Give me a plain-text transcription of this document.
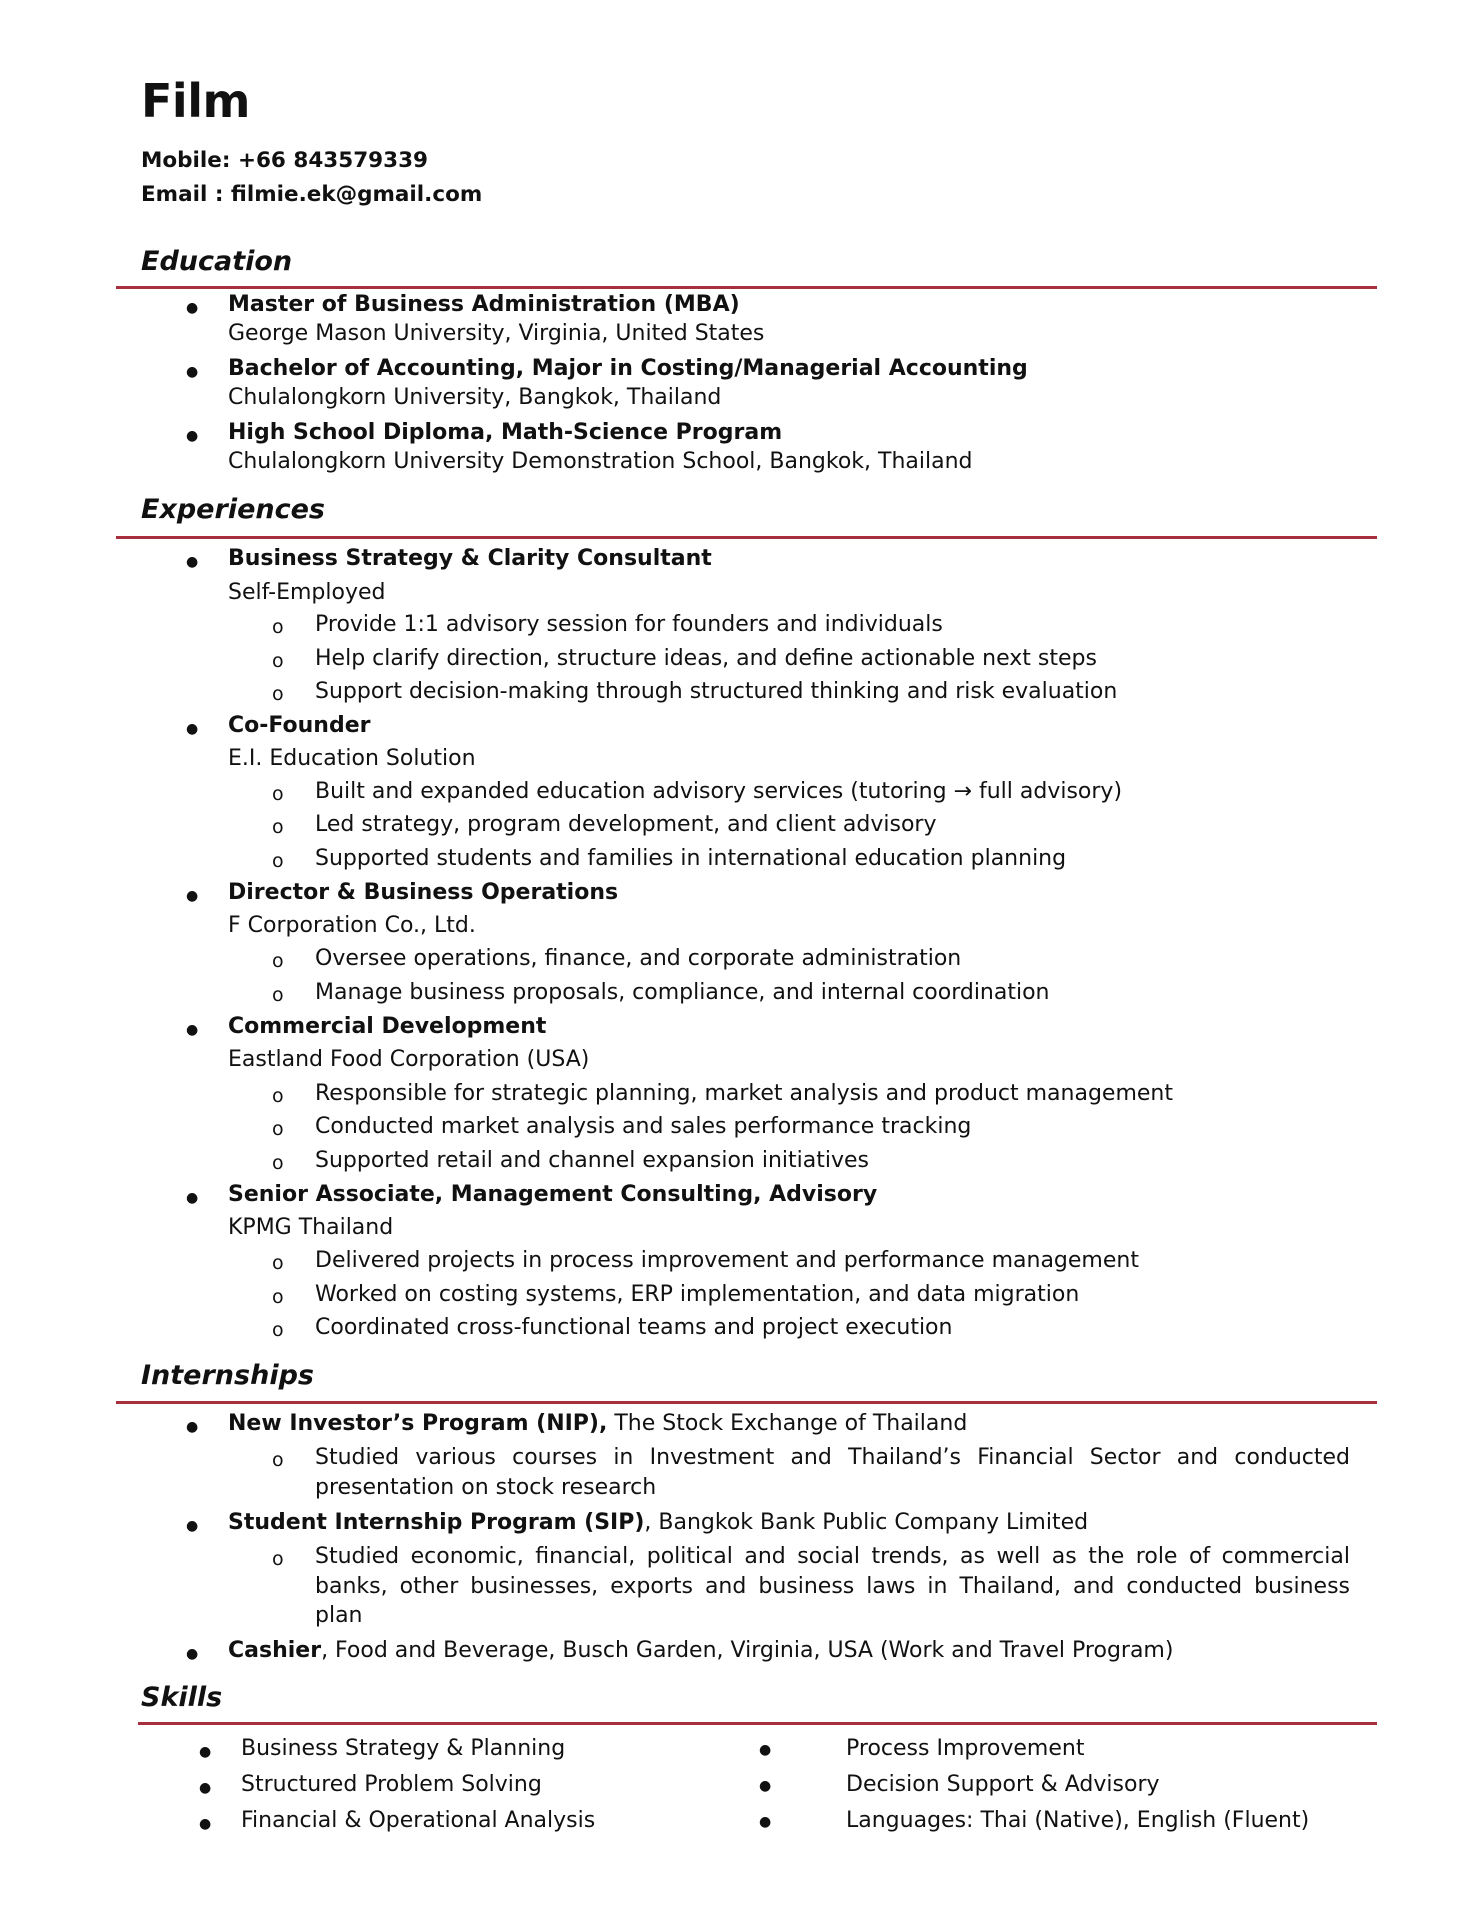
Film
Mobile: +66 843579339
Email : filmie.ek@gmail.com
Education
● Master of Business Administration (MBA)
George Mason University, Virginia, United States
● Bachelor of Accounting, Major in Costing/Managerial Accounting
Chulalongkorn University, Bangkok, Thailand
● High School Diploma, Math-Science Program
Chulalongkorn University Demonstration School, Bangkok, Thailand
Experiences
● Business Strategy & Clarity Consultant
Self-Employed
o Provide 1:1 advisory session for founders and individuals
o Help clarify direction, structure ideas, and define actionable next steps
o Support decision-making through structured thinking and risk evaluation
● Co-Founder
E.I. Education Solution
o Built and expanded education advisory services (tutoring → full advisory)
o Led strategy, program development, and client advisory
o Supported students and families in international education planning
● Director & Business Operations
F Corporation Co., Ltd.
o Oversee operations, finance, and corporate administration
o Manage business proposals, compliance, and internal coordination
● Commercial Development
Eastland Food Corporation (USA)
o Responsible for strategic planning, market analysis and product management
o Conducted market analysis and sales performance tracking
o Supported retail and channel expansion initiatives
● Senior Associate, Management Consulting, Advisory
KPMG Thailand
o Delivered projects in process improvement and performance management
o Worked on costing systems, ERP implementation, and data migration
o Coordinated cross-functional teams and project execution
Internships
● New Investor’s Program (NIP), The Stock Exchange of Thailand
o Studied various courses in Investment and Thailand’s Financial Sector and conducted
presentation on stock research
● Student Internship Program (SIP), Bangkok Bank Public Company Limited
o Studied economic, financial, political and social trends, as well as the role of commercial
banks, other businesses, exports and business laws in Thailand, and conducted business
plan
● Cashier, Food and Beverage, Busch Garden, Virginia, USA (Work and Travel Program)
Skills
● Business Strategy & Planning
● Structured Problem Solving
● Financial & Operational Analysis
●	Process Improvement
●	Decision Support & Advisory
●	Languages: Thai (Native), English (Fluent)
